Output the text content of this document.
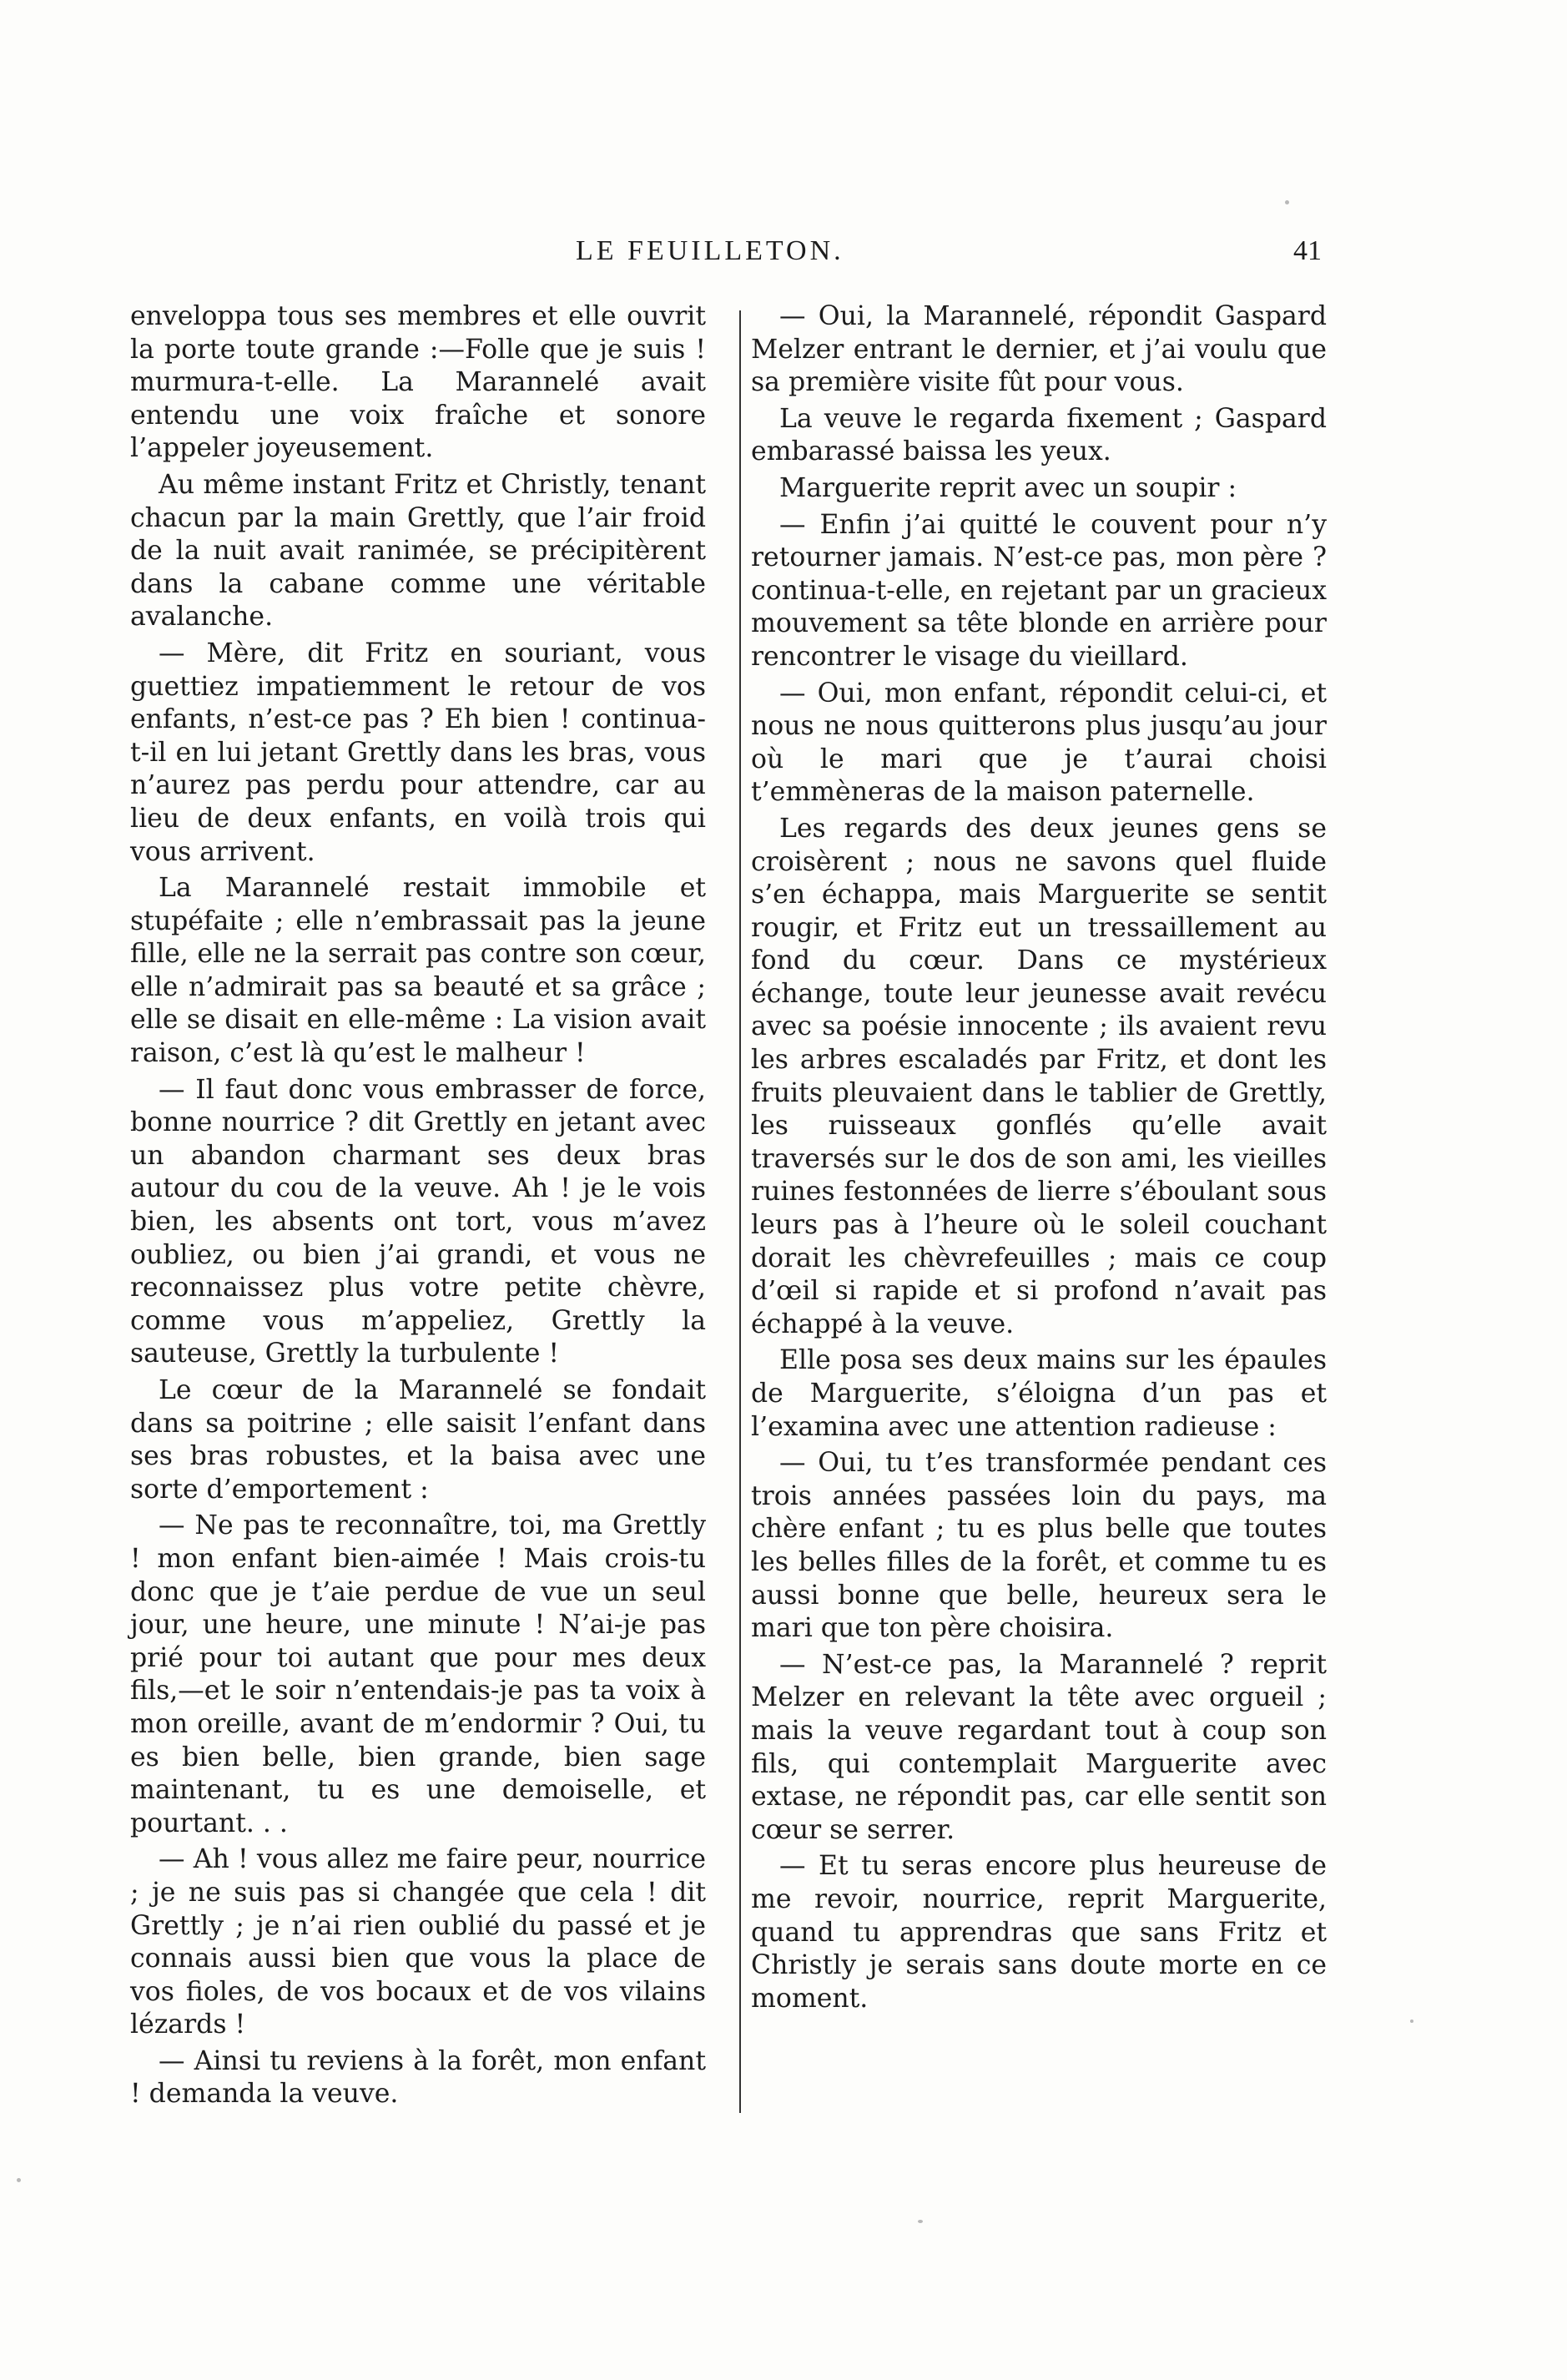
LE FEUILLETON.	41

enveloppa tous ses membres et elle ouvrit la porte toute grande :—Folle que je suis ! murmura-t-elle. La Marannelé avait entendu une voix fraîche et sonore l’appeler joyeusement.

Au même instant Fritz et Christly, tenant chacun par la main Grettly, que l’air froid de la nuit avait ranimée, se précipitèrent dans la cabane comme une véritable avalanche.

— Mère, dit Fritz en souriant, vous guettiez impatiemment le retour de vos enfants, n’est-ce pas ? Eh bien ! continua-t-il en lui jetant Grettly dans les bras, vous n’aurez pas perdu pour attendre, car au lieu de deux enfants, en voilà trois qui vous arrivent.

La Marannelé restait immobile et stupéfaite ; elle n’embrassait pas la jeune fille, elle ne la serrait pas contre son cœur, elle n’admirait pas sa beauté et sa grâce ; elle se disait en elle-même : La vision avait raison, c’est là qu’est le malheur !

— Il faut donc vous embrasser de force, bonne nourrice ? dit Grettly en jetant avec un abandon charmant ses deux bras autour du cou de la veuve. Ah ! je le vois bien, les absents ont tort, vous m’avez oubliez, ou bien j’ai grandi, et vous ne reconnaissez plus votre petite chèvre, comme vous m’appeliez, Grettly la sauteuse, Grettly la turbulente !

Le cœur de la Marannelé se fondait dans sa poitrine ; elle saisit l’enfant dans ses bras robustes, et la baisa avec une sorte d’emportement :

— Ne pas te reconnaître, toi, ma Grettly ! mon enfant bien-aimée ! Mais crois-tu donc que je t’aie perdue de vue un seul jour, une heure, une minute ! N’ai-je pas prié pour toi autant que pour mes deux fils,—et le soir n’entendais-je pas ta voix à mon oreille, avant de m’endormir ? Oui, tu es bien belle, bien grande, bien sage maintenant, tu es une demoiselle, et pourtant. . .

— Ah ! vous allez me faire peur, nourrice ; je ne suis pas si changée que cela ! dit Grettly ; je n’ai rien oublié du passé et je connais aussi bien que vous la place de vos fioles, de vos bocaux et de vos vilains lézards !

— Ainsi tu reviens à la forêt, mon enfant ! demanda la veuve.

— Oui, la Marannelé, répondit Gaspard Melzer entrant le dernier, et j’ai voulu que sa première visite fût pour vous.

La veuve le regarda fixement ; Gaspard embarassé baissa les yeux.

Marguerite reprit avec un soupir :

— Enfin j’ai quitté le couvent pour n’y retourner jamais. N’est-ce pas, mon père ? continua-t-elle, en rejetant par un gracieux mouvement sa tête blonde en arrière pour rencontrer le visage du vieillard.

— Oui, mon enfant, répondit celui-ci, et nous ne nous quitterons plus jusqu’au jour où le mari que je t’aurai choisi t’emmèneras de la maison paternelle.

Les regards des deux jeunes gens se croisèrent ; nous ne savons quel fluide s’en échappa, mais Marguerite se sentit rougir, et Fritz eut un tressaillement au fond du cœur. Dans ce mystérieux échange, toute leur jeunesse avait revécu avec sa poésie innocente ; ils avaient revu les arbres escaladés par Fritz, et dont les fruits pleuvaient dans le tablier de Grettly, les ruisseaux gonflés qu’elle avait traversés sur le dos de son ami, les vieilles ruines festonnées de lierre s’éboulant sous leurs pas à l’heure où le soleil couchant dorait les chèvrefeuilles ; mais ce coup d’œil si rapide et si profond n’avait pas échappé à la veuve.

Elle posa ses deux mains sur les épaules de Marguerite, s’éloigna d’un pas et l’examina avec une attention radieuse :

— Oui, tu t’es transformée pendant ces trois années passées loin du pays, ma chère enfant ; tu es plus belle que toutes les belles filles de la forêt, et comme tu es aussi bonne que belle, heureux sera le mari que ton père choisira.

— N’est-ce pas, la Marannelé ? reprit Melzer en relevant la tête avec orgueil ; mais la veuve regardant tout à coup son fils, qui contemplait Marguerite avec extase, ne répondit pas, car elle sentit son cœur se serrer.

— Et tu seras encore plus heureuse de me revoir, nourrice, reprit Marguerite, quand tu apprendras que sans Fritz et Christly je serais sans doute morte en ce moment.
